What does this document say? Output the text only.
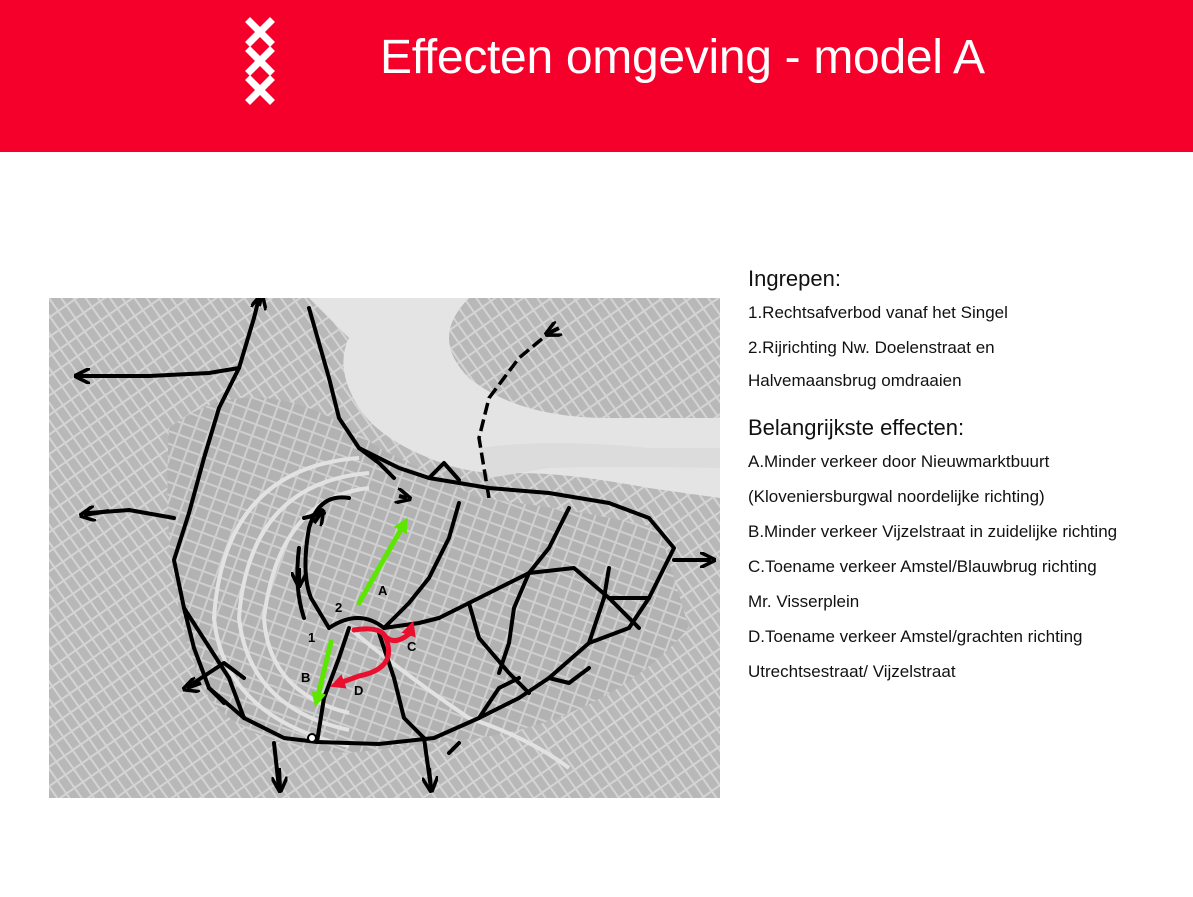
Effecten omgeving - model A
1
2
A
B
C
D

Ingrepen:

1.Rechtsafverbod vanaf het Singel

2.Rijrichting Nw. Doelenstraat en

Halvemaansbrug omdraaien

Belangrijkste effecten:

A.Minder verkeer door Nieuwmarktbuurt

(Kloveniersburgwal noordelijke richting)

B.Minder verkeer Vijzelstraat in zuidelijke richting

C.Toename verkeer Amstel/Blauwbrug richting

Mr. Visserplein

D.Toename verkeer Amstel/grachten richting

Utrechtsestraat/ Vijzelstraat
